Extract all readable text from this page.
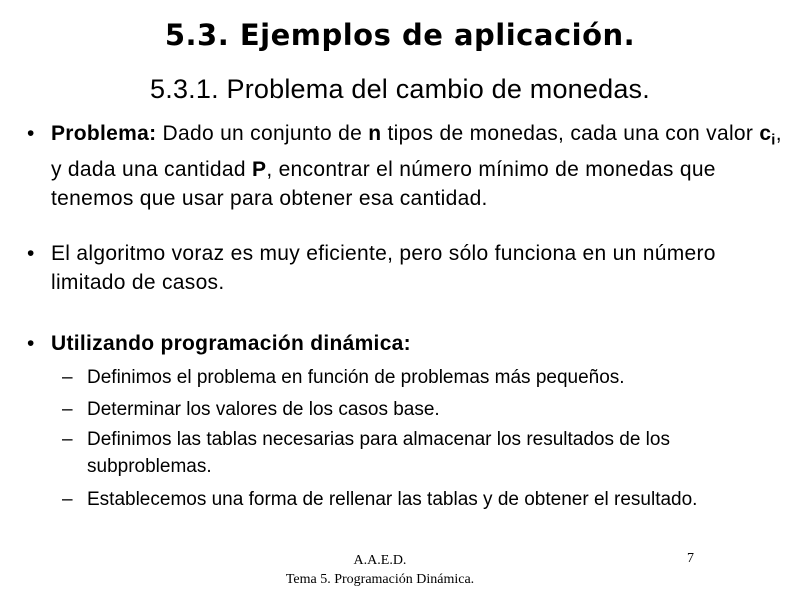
5.3. Ejemplos de aplicación.
5.3.1. Problema del cambio de monedas.
• Problema: Dado un conjunto de n tipos de monedas, cada una con valor $c_i$, y dada una cantidad P, encontrar el número mínimo de monedas que tenemos que usar para obtener esa cantidad.
• El algoritmo voraz es muy eficiente, pero sólo funciona en un número limitado de casos.
• Utilizando programación dinámica:
– Definimos el problema en función de problemas más pequeños.
– Determinar los valores de los casos base.
– Definimos las tablas necesarias para almacenar los resultados de los subproblemas.
– Establecemos una forma de rellenar las tablas y de obtener el resultado.
A.A.E.D.
Tema 5. Programación Dinámica.
7
